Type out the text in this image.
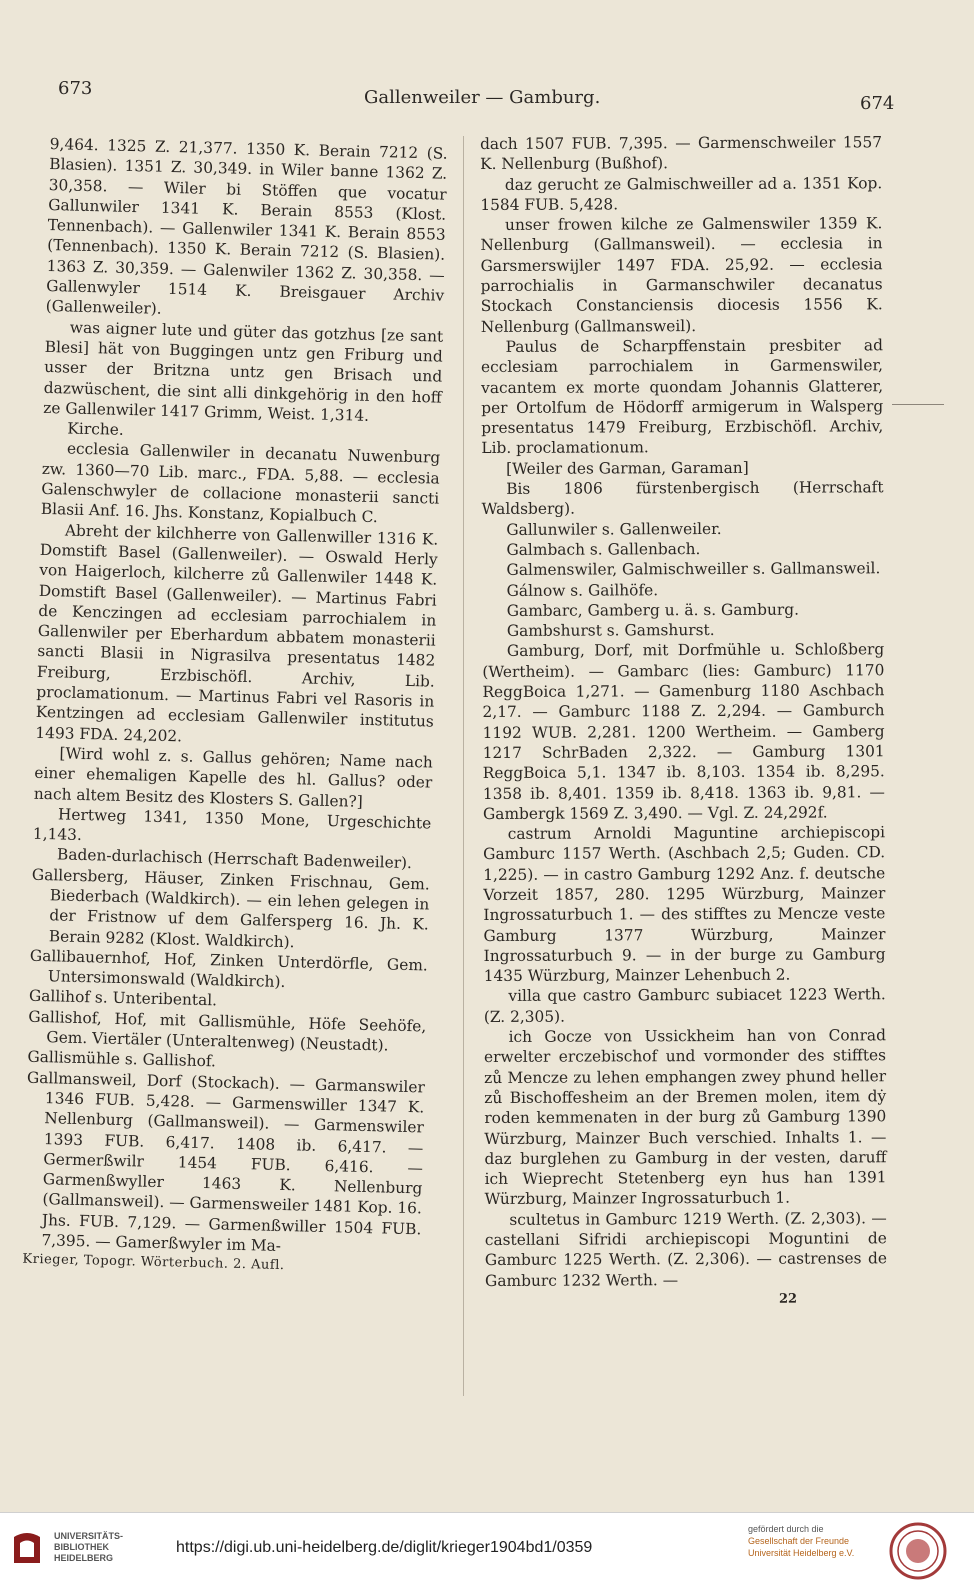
673	Gallenweiler — Gamburg.	674

9,464. 1325 Z. 21,377. 1350 K. Berain 7212 (S. Blasien). 1351 Z. 30,349. in Wiler banne 1362 Z. 30,358. — Wiler bi Stöffen que vocatur Gallunwiler 1341 K. Berain 8553 (Klost. Tennenbach). — Gallenwiler 1341 K. Berain 8553 (Tennenbach). 1350 K. Berain 7212 (S. Blasien). 1363 Z. 30,359. — Galenwiler 1362 Z. 30,358. — Gallenwyler 1514 K. Breisgauer Archiv (Gallenweiler).

was aigner lute und güter das gotzhus [ze sant Blesi] hät von Buggingen untz gen Friburg und usser der Britzna untz gen Brisach und dazwüschent, die sint alli dinkgehörig in den hoff ze Gallenwiler 1417 Grimm, Weist. 1,314.

Kirche.

ecclesia Gallenwiler in decanatu Nuwenburg zw. 1360—70 Lib. marc., FDA. 5,88. — ecclesia Galenschwyler de collacione monasterii sancti Blasii Anf. 16. Jhs. Konstanz, Kopialbuch C.

Abreht der kilchherre von Gallenwiller 1316 K. Domstift Basel (Gallenweiler). — Oswald Herly von Haigerloch, kilcherre zů Gallenwiler 1448 K. Domstift Basel (Gallenweiler). — Martinus Fabri de Kenczingen ad ecclesiam parrochialem in Gallenwiler per Eberhardum abbatem monasterii sancti Blasii in Nigrasilva presentatus 1482 Freiburg, Erzbischöfl. Archiv, Lib. proclamationum. — Martinus Fabri vel Rasoris in Kentzingen ad ecclesiam Gallenwiler institutus 1493 FDA. 24,202.

[Wird wohl z. s. Gallus gehören; Name nach einer ehemaligen Kapelle des hl. Gallus? oder nach altem Besitz des Klosters S. Gallen?]

Hertweg 1341, 1350 Mone, Urgeschichte 1,143.

Baden-durlachisch (Herrschaft Badenweiler).

Gallersberg, Häuser, Zinken Frischnau, Gem. Biederbach (Waldkirch). — ein lehen gelegen in der Fristnow uf dem Galfersperg 16. Jh. K. Berain 9282 (Klost. Waldkirch).

Gallibauernhof, Hof, Zinken Unterdörfle, Gem. Untersimonswald (Waldkirch).

Gallihof s. Unteribental.

Gallishof, Hof, mit Gallismühle, Höfe Seehöfe, Gem. Viertäler (Unteraltenweg) (Neustadt).

Gallismühle s. Gallishof.

Gallmansweil, Dorf (Stockach). — Garmanswiler 1346 FUB. 5,428. — Garmenswiller 1347 K. Nellenburg (Gallmansweil). — Garmenswiler 1393 FUB. 6,417. 1408 ib. 6,417. — Germerßwilr 1454 FUB. 6,416. — Garmenßwyller 1463 K. Nellenburg (Gallmansweil). — Garmensweiler 1481 Kop. 16. Jhs. FUB. 7,129. — Garmenßwiller 1504 FUB. 7,395. — Gamerßwyler im Ma-

Krieger, Topogr. Wörterbuch. 2. Aufl.

dach 1507 FUB. 7,395. — Garmenschweiler 1557 K. Nellenburg (Bußhof).

daz gerucht ze Galmischweiller ad a. 1351 Kop. 1584 FUB. 5,428.

unser frowen kilche ze Galmenswiler 1359 K. Nellenburg (Gallmansweil). — ecclesia in Garsmerswijler 1497 FDA. 25,92. — ecclesia parrochialis in Garmanschwiler decanatus Stockach Constanciensis diocesis 1556 K. Nellenburg (Gallmansweil).

Paulus de Scharpffenstain presbiter ad ecclesiam parrochialem in Garmenswiler, vacantem ex morte quondam Johannis Glatterer, per Ortolfum de Hödorff armigerum in Walsperg presentatus 1479 Freiburg, Erzbischöfl. Archiv, Lib. proclamationum.

[Weiler des Garman, Garaman]

Bis 1806 fürstenbergisch (Herrschaft Waldsberg).

Gallunwiler s. Gallenweiler.

Galmbach s. Gallenbach.

Galmenswiler, Galmischweiller s. Gallmansweil.

Gálnow s. Gailhöfe.

Gambarc, Gamberg u. ä. s. Gamburg.

Gambshurst s. Gamshurst.

Gamburg, Dorf, mit Dorfmühle u. Schloßberg (Wertheim). — Gambarc (lies: Gamburc) 1170 ReggBoica 1,271. — Gamenburg 1180 Aschbach 2,17. — Gamburc 1188 Z. 2,294. — Gamburch 1192 WUB. 2,281. 1200 Wertheim. — Gamberg 1217 SchrBaden 2,322. — Gamburg 1301 ReggBoica 5,1. 1347 ib. 8,103. 1354 ib. 8,295. 1358 ib. 8,401. 1359 ib. 8,418. 1363 ib. 9,81. — Gambergk 1569 Z. 3,490. — Vgl. Z. 24,292f.

castrum Arnoldi Maguntine archiepiscopi Gamburc 1157 Werth. (Aschbach 2,5; Guden. CD. 1,225). — in castro Gamburg 1292 Anz. f. deutsche Vorzeit 1857, 280. 1295 Würzburg, Mainzer Ingrossaturbuch 1. — des stifftes zu Mencze veste Gamburg 1377 Würzburg, Mainzer Ingrossaturbuch 9. — in der burge zu Gamburg 1435 Würzburg, Mainzer Lehenbuch 2.

villa que castro Gamburc subiacet 1223 Werth. (Z. 2,305).

ich Gocze von Ussickheim han von Conrad erwelter erczebischof und vormonder des stifftes zů Mencze zu lehen emphangen zwey phund heller zů Bischoffesheim an der Bremen molen, item dẏ roden kemmenaten in der burg zů Gamburg 1390 Würzburg, Mainzer Buch verschied. Inhalts 1. — daz burglehen zu Gamburg in der vesten, daruff ich Wieprecht Stetenberg eyn hus han 1391 Würzburg, Mainzer Ingrossaturbuch 1.

scultetus in Gamburc 1219 Werth. (Z. 2,303). — castellani Sifridi archiepiscopi Moguntini de Gamburc 1225 Werth. (Z. 2,306). — castrenses de Gamburc 1232 Werth. —

22

UNIVERSITÄTS-
BIBLIOTHEK
HEIDELBERG
https://digi.ub.uni-heidelberg.de/diglit/krieger1904bd1/0359
gefördert durch die
Gesellschaft der Freunde
Universität Heidelberg e.V.
